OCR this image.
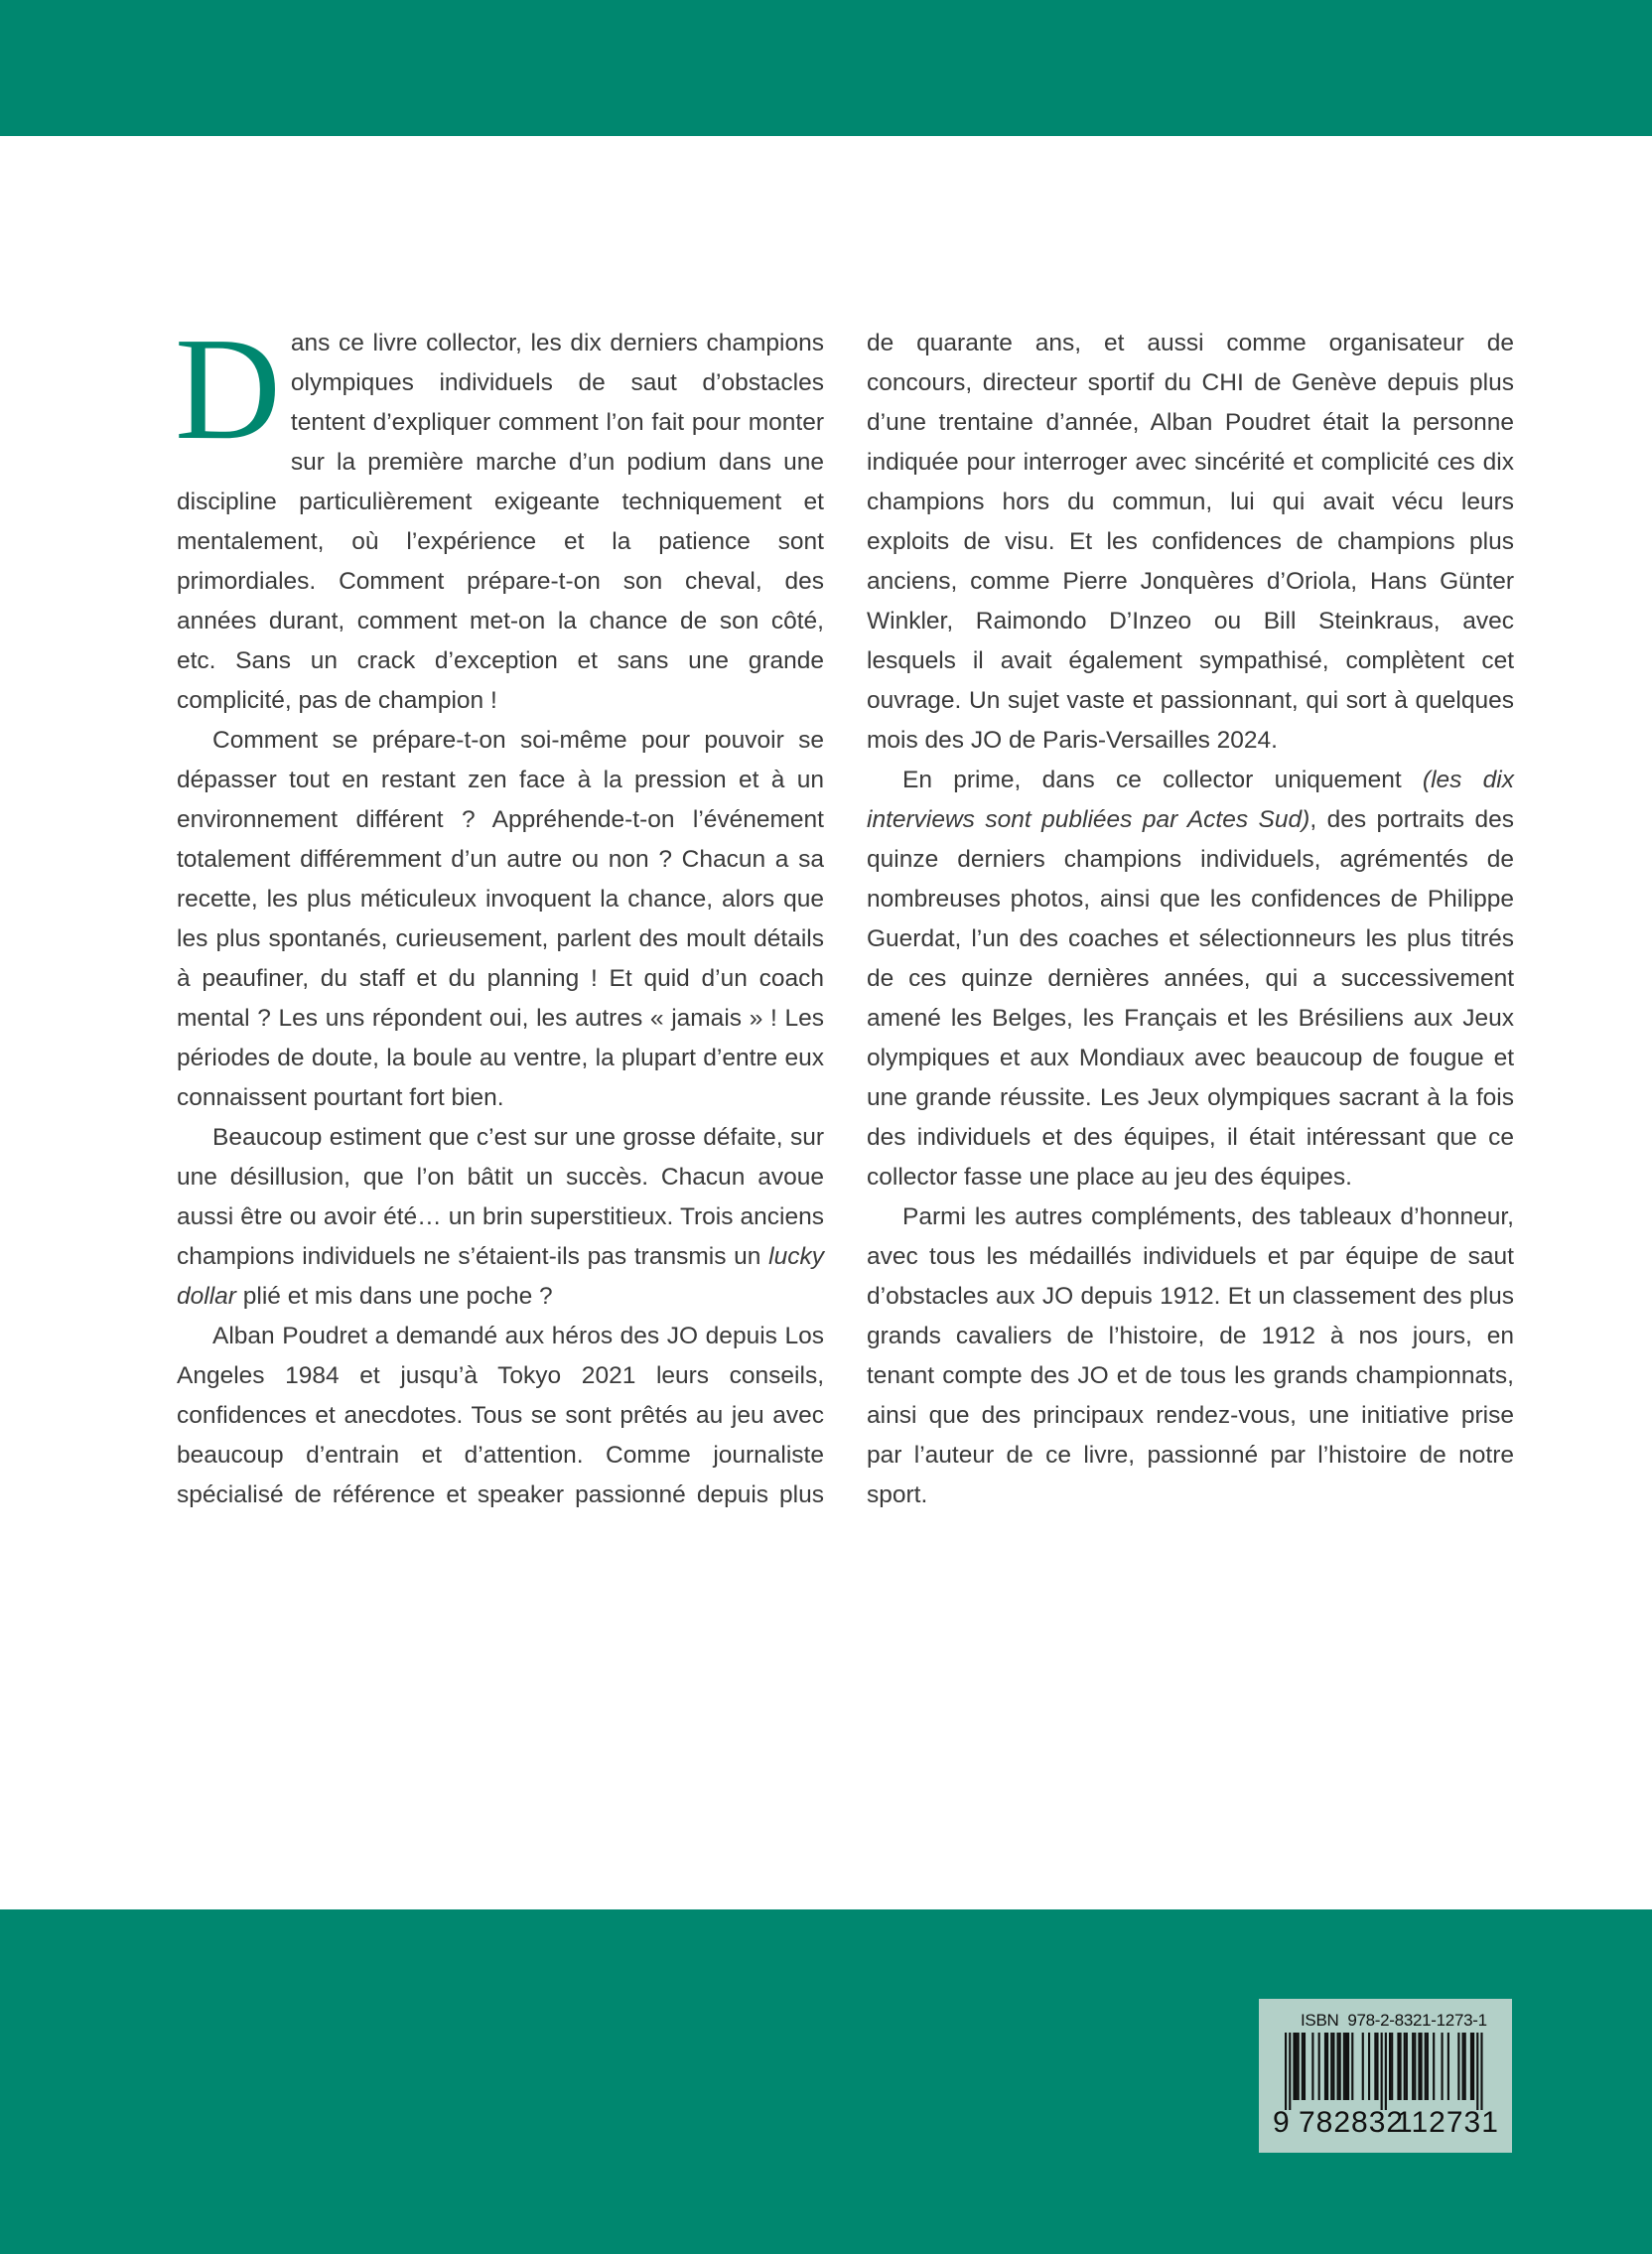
Dans ce livre collector, les dix derniers champions olympiques individuels de saut d’obstacles tentent d’expliquer comment l’on fait pour monter sur la première marche d’un podium dans une discipline particulièrement exigeante techniquement et mentalement, où l’expérience et la patience sont primordiales. Comment prépare-t-on son cheval, des années durant, comment met-on la chance de son côté, etc. Sans un crack d’exception et sans une grande complicité, pas de champion !

Comment se prépare-t-on soi-même pour pouvoir se dépasser tout en restant zen face à la pression et à un environnement différent ? Appréhende-t-on l’événement totalement différemment d’un autre ou non ? Chacun a sa recette, les plus méticuleux invoquent la chance, alors que les plus spontanés, curieusement, parlent des moult détails à peaufiner, du staff et du planning ! Et quid d’un coach mental ? Les uns répondent oui, les autres « jamais » ! Les périodes de doute, la boule au ventre, la plupart d’entre eux connaissent pourtant fort bien.

Beaucoup estiment que c’est sur une grosse défaite, sur une désillusion, que l’on bâtit un succès. Chacun avoue aussi être ou avoir été… un brin superstitieux. Trois anciens champions individuels ne s’étaient-ils pas transmis un lucky dollar plié et mis dans une poche ?

Alban Poudret a demandé aux héros des JO depuis Los Angeles 1984 et jusqu’à Tokyo 2021 leurs conseils, confidences et anecdotes. Tous se sont prêtés au jeu avec beaucoup d’entrain et d’attention. Comme journaliste spécialisé de référence et speaker passionné depuis plus

de quarante ans, et aussi comme organisateur de concours, directeur sportif du CHI de Genève depuis plus d’une trentaine d’année, Alban Poudret était la personne indiquée pour interroger avec sincérité et complicité ces dix champions hors du commun, lui qui avait vécu leurs exploits de visu. Et les confidences de champions plus anciens, comme Pierre Jonquères d’Oriola, Hans Günter Winkler, Raimondo D’Inzeo ou Bill Steinkraus, avec lesquels il avait également sympathisé, complètent cet ouvrage. Un sujet vaste et passionnant, qui sort à quelques mois des JO de Paris-Versailles 2024.

En prime, dans ce collector uniquement (les dix interviews sont publiées par Actes Sud), des portraits des quinze derniers champions individuels, agrémentés de nombreuses photos, ainsi que les confidences de Philippe Guerdat, l’un des coaches et sélectionneurs les plus titrés de ces quinze dernières années, qui a successivement amené les Belges, les Français et les Brésiliens aux Jeux olympiques et aux Mondiaux avec beaucoup de fougue et une grande réussite. Les Jeux olympiques sacrant à la fois des individuels et des équipes, il était intéressant que ce collector fasse une place au jeu des équipes.

Parmi les autres compléments, des tableaux d’honneur, avec tous les médaillés individuels et par équipe de saut d’obstacles aux JO depuis 1912. Et un classement des plus grands cavaliers de l’histoire, de 1912 à nos jours, en tenant compte des JO et de tous les grands championnats, ainsi que des principaux rendez-vous, une initiative prise par l’auteur de ce livre, passionné par l’histoire de notre sport.

ISBN  978-2-8321-1273-1
9 782832
112731
